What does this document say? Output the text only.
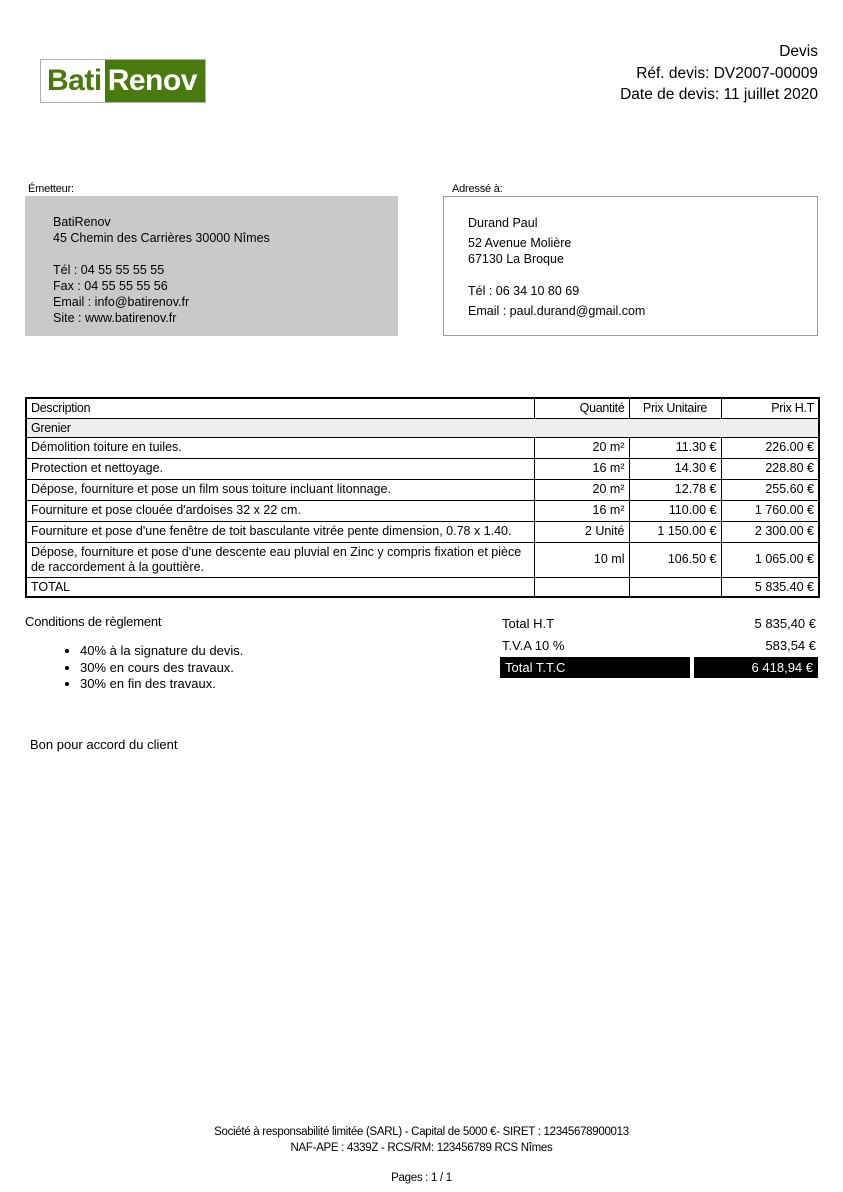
Bati Renov
Devis
Réf. devis: DV2007-00009
Date de devis: 11 juillet 2020
Émetteur:
BatiRenov
45 Chemin des Carrières 30000 Nîmes
Tél : 04 55 55 55 55
Fax : 04 55 55 55 56
Email : info@batirenov.fr
Site : www.batirenov.fr
Adressé à:
Durand Paul
52 Avenue Molière
67130 La Broque
Tél : 06 34 10 80 69
Email : paul.durand@gmail.com
Description	Quantité	Prix Unitaire	Prix H.T
Grenier			
Démolition toiture en tuiles.	20 m²	11.30 €	226.00 €
Protection et nettoyage.	16 m²	14.30 €	228.80 €
Dépose, fourniture et pose un film sous toiture incluant litonnage.	20 m²	12.78 €	255.60 €
Fourniture et pose clouée d'ardoises 32 x 22 cm.	16 m²	110.00 €	1 760.00 €
Fourniture et pose d'une fenêtre de toit basculante vitrée pente dimension, 0.78 x 1.40.	2 Unité	1 150.00 €	2 300.00 €
Dépose, fourniture et pose d'une descente eau pluvial en Zinc y compris fixation et pièce de raccordement à la gouttière.	10 ml	106.50 €	1 065.00 €
TOTAL			5 835.40 €
Conditions de règlement
• 40% à la signature du devis.
• 30% en cours des travaux.
• 30% en fin des travaux.
Total H.T	5 835,40 €
T.V.A 10 %	583,54 €
Total T.T.C	6 418,94 €
Bon pour accord du client
Société à responsabilité limitée (SARL) - Capital de 5000 €- SIRET : 12345678900013
NAF-APE : 4339Z - RCS/RM: 123456789 RCS Nîmes
Pages : 1 / 1
